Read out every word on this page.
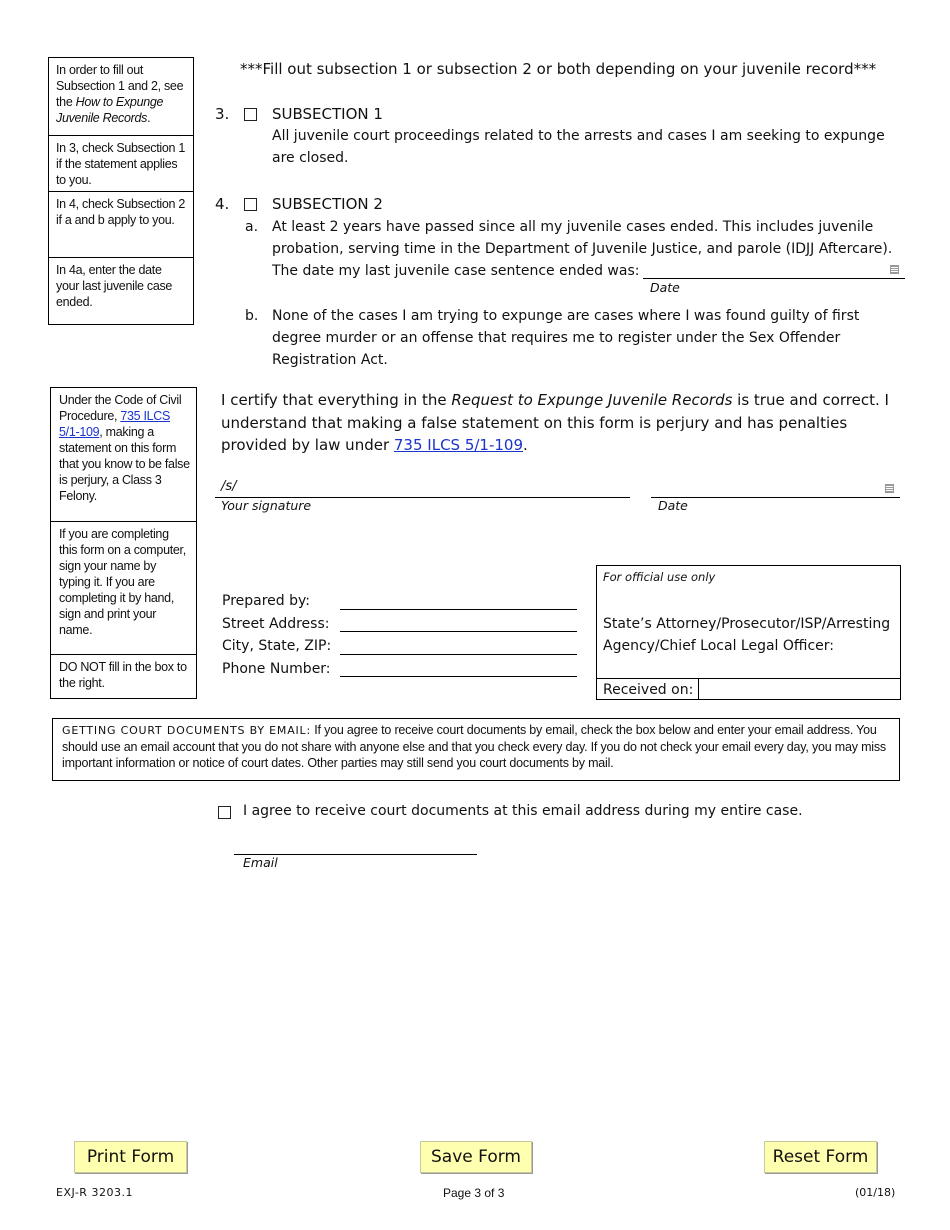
In order to fill out Subsection 1 and 2, see the How to Expunge Juvenile Records.
In 3, check Subsection 1 if the statement applies to you.
In 4, check Subsection 2 if a and b apply to you.
In 4a, enter the date your last juvenile case ended.
***Fill out subsection 1 or subsection 2 or both depending on your juvenile record***
3.	SUBSECTION 1
All juvenile court proceedings related to the arrests and cases I am seeking to expunge are closed.
4.	SUBSECTION 2
a. At least 2 years have passed since all my juvenile cases ended. This includes juvenile probation, serving time in the Department of Juvenile Justice, and parole (IDJJ Aftercare).
The date my last juvenile case sentence ended was:
Date
b. None of the cases I am trying to expunge are cases where I was found guilty of first degree murder or an offense that requires me to register under the Sex Offender Registration Act.
Under the Code of Civil Procedure, 735 ILCS 5/1-109, making a statement on this form that you know to be false is perjury, a Class 3 Felony.
If you are completing this form on a computer, sign your name by typing it. If you are completing it by hand, sign and print your name.
DO NOT fill in the box to the right.
I certify that everything in the Request to Expunge Juvenile Records is true and correct. I understand that making a false statement on this form is perjury and has penalties provided by law under 735 ILCS 5/1-109.
/s/
Your signature	Date
Prepared by:
Street Address:
City, State, ZIP:
Phone Number:
For official use only
State’s Attorney/Prosecutor/ISP/Arresting Agency/Chief Local Legal Officer:
Received on:
GETTING COURT DOCUMENTS BY EMAIL: If you agree to receive court documents by email, check the box below and enter your email address. You should use an email account that you do not share with anyone else and that you check every day. If you do not check your email every day, you may miss important information or notice of court dates. Other parties may still send you court documents by mail.
I agree to receive court documents at this email address during my entire case.
Email
Print Form	Save Form	Reset Form
EXJ-R 3203.1	Page 3 of 3	(01/18)
